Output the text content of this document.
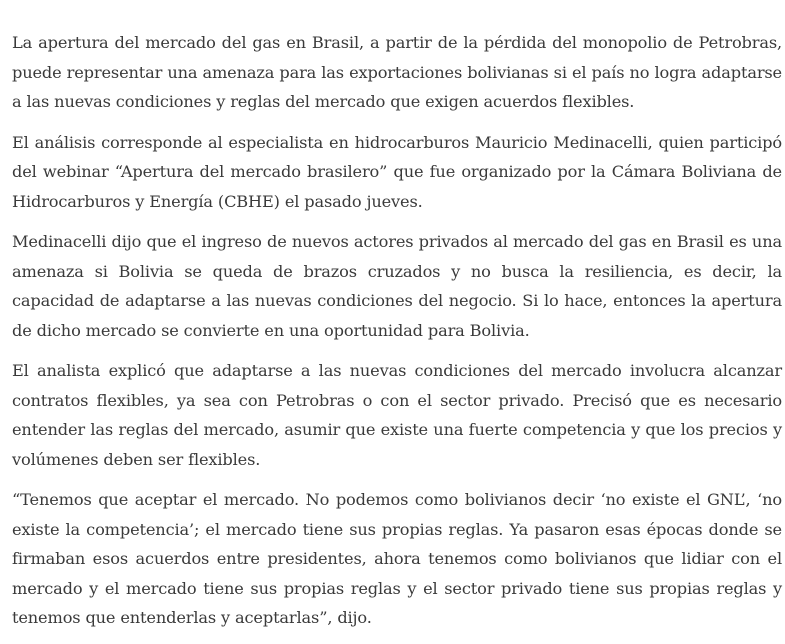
La apertura del mercado del gas en Brasil, a partir de la pérdida del monopolio de Petrobras, puede representar una amenaza para las exportaciones bolivianas si el país no logra adaptarse a las nuevas condiciones y reglas del mercado que exigen acuerdos flexibles.

El análisis corresponde al especialista en hidrocarburos Mauricio Medinacelli, quien participó del webinar “Apertura del mercado brasilero” que fue organizado por la Cámara Boliviana de Hidrocarburos y Energía (CBHE) el pasado jueves.

Medinacelli dijo que el ingreso de nuevos actores privados al mercado del gas en Brasil es una amenaza si Bolivia se queda de brazos cruzados y no busca la resiliencia, es decir, la capacidad de adaptarse a las nuevas condiciones del negocio. Si lo hace, entonces la apertura de dicho mercado se convierte en una oportunidad para Bolivia.

El analista explicó que adaptarse a las nuevas condiciones del mercado involucra alcanzar contratos flexibles, ya sea con Petrobras o con el sector privado. Precisó que es necesario entender las reglas del mercado, asumir que existe una fuerte competencia y que los precios y volúmenes deben ser flexibles.

“Tenemos que aceptar el mercado. No podemos como bolivianos decir ‘no existe el GNL’, ‘no existe la competencia’; el mercado tiene sus propias reglas. Ya pasaron esas épocas donde se firmaban esos acuerdos entre presidentes, ahora tenemos como bolivianos que lidiar con el mercado y el mercado tiene sus propias reglas y el sector privado tiene sus propias reglas y tenemos que entenderlas y aceptarlas”, dijo.
